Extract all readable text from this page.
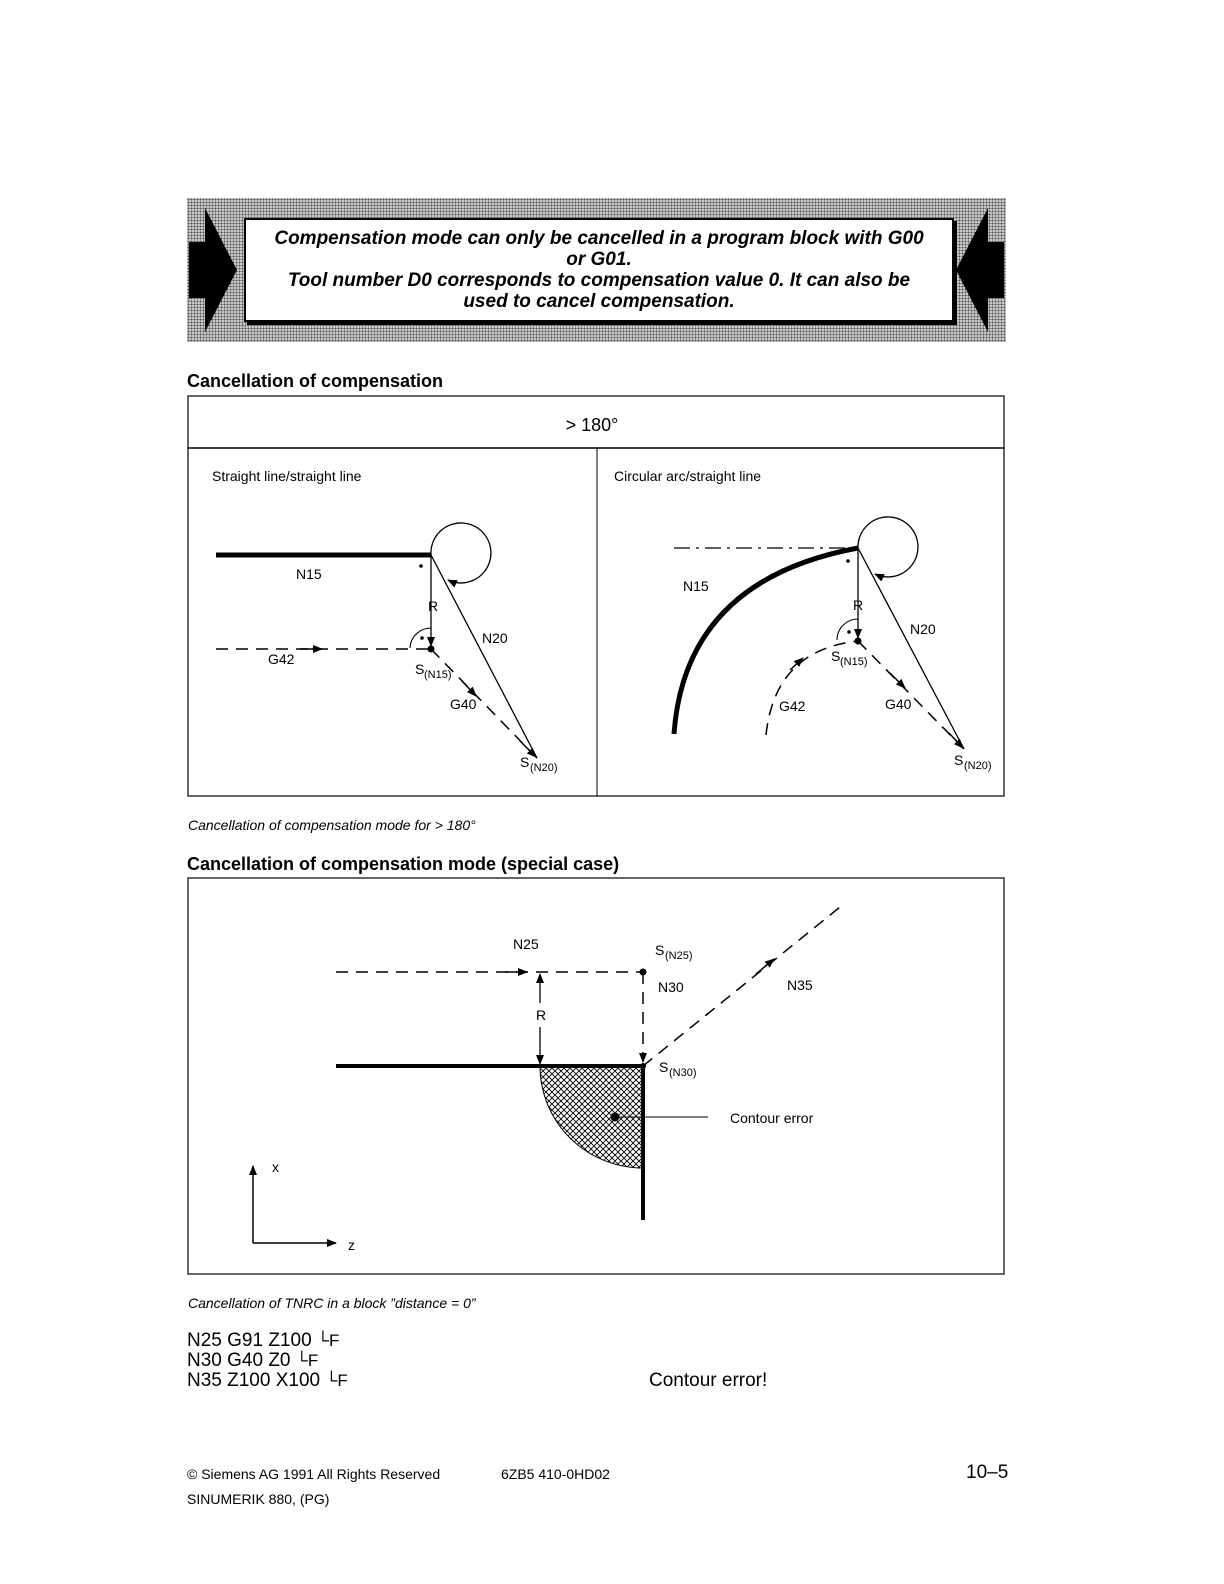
Compensation mode can only be cancelled in a program block with G00
or G01.
Tool number D0 corresponds to compensation value 0. It can also be
used to cancel compensation.
Cancellation of compensation
> 180°
Straight line/straight line	Circular arc/straight line
N15
R
N20
G42
S (N15)
G40
S (N20)
N15
R
N20
S (N15)
G42	G40
S (N20)
N25	S (N25)
N30	N35
R
S (N30)
Contour error
x
z
Cancellation of compensation mode for > 180°
Cancellation of compensation mode (special case)
Cancellation of TNRC in a block ”distance = 0”
N25 G91 Z100 └F
N30 G40 Z0 └F
N35 Z100 X100 └F	Contour error!
© Siemens AG 1991 All Rights Reserved	6ZB5 410-0HD02	10–5
SINUMERIK 880, (PG)
